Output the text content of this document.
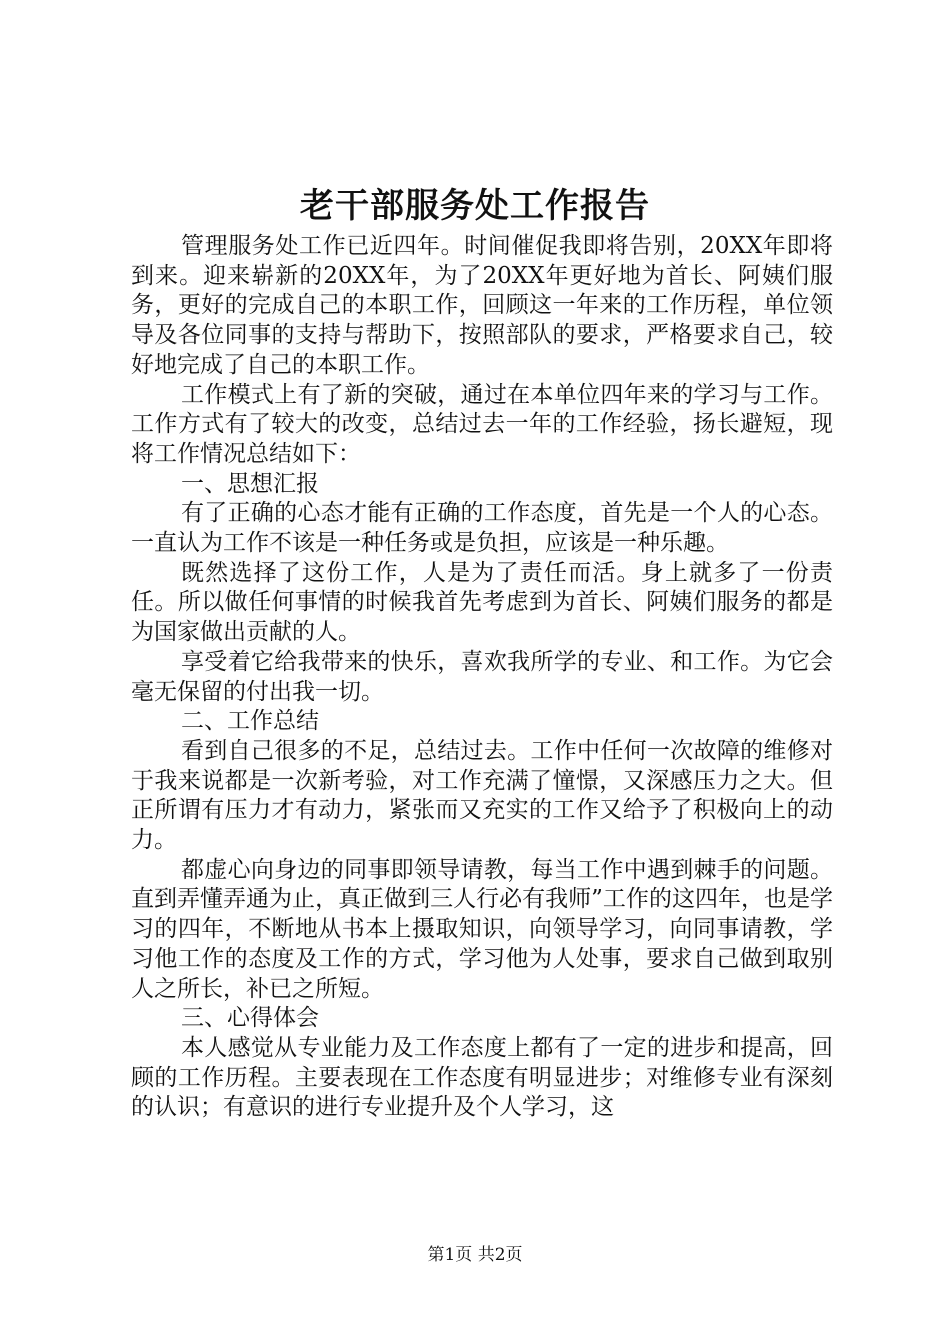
老干部服务处工作报告

管理服务处工作已近四年。时间催促我即将告别，20XX年即将到来。迎来崭新的20XX年，为了20XX年更好地为首长、阿姨们服务，更好的完成自己的本职工作，回顾这一年来的工作历程，单位领导及各位同事的支持与帮助下，按照部队的要求，严格要求自己，较好地完成了自己的本职工作。

工作模式上有了新的突破，通过在本单位四年来的学习与工作。工作方式有了较大的改变，总结过去一年的工作经验，扬长避短，现将工作情况总结如下：

一、思想汇报

有了正确的心态才能有正确的工作态度，首先是一个人的心态。一直认为工作不该是一种任务或是负担，应该是一种乐趣。

既然选择了这份工作，人是为了责任而活。身上就多了一份责任。所以做任何事情的时候我首先考虑到为首长、阿姨们服务的都是为国家做出贡献的人。

享受着它给我带来的快乐，喜欢我所学的专业、和工作。为它会毫无保留的付出我一切。

二、工作总结

看到自己很多的不足，总结过去。工作中任何一次故障的维修对于我来说都是一次新考验，对工作充满了憧憬，又深感压力之大。但正所谓有压力才有动力，紧张而又充实的工作又给予了积极向上的动力。

都虚心向身边的同事即领导请教，每当工作中遇到棘手的问题。直到弄懂弄通为止，真正做到三人行必有我师”工作的这四年，也是学习的四年，不断地从书本上摄取知识，向领导学习，向同事请教，学习他工作的态度及工作的方式，学习他为人处事，要求自己做到取别人之所长，补已之所短。

三、心得体会

本人感觉从专业能力及工作态度上都有了一定的进步和提高，回顾的工作历程。主要表现在工作态度有明显进步；对维修专业有深刻的认识；有意识的进行专业提升及个人学习，这

第1页 共2页
